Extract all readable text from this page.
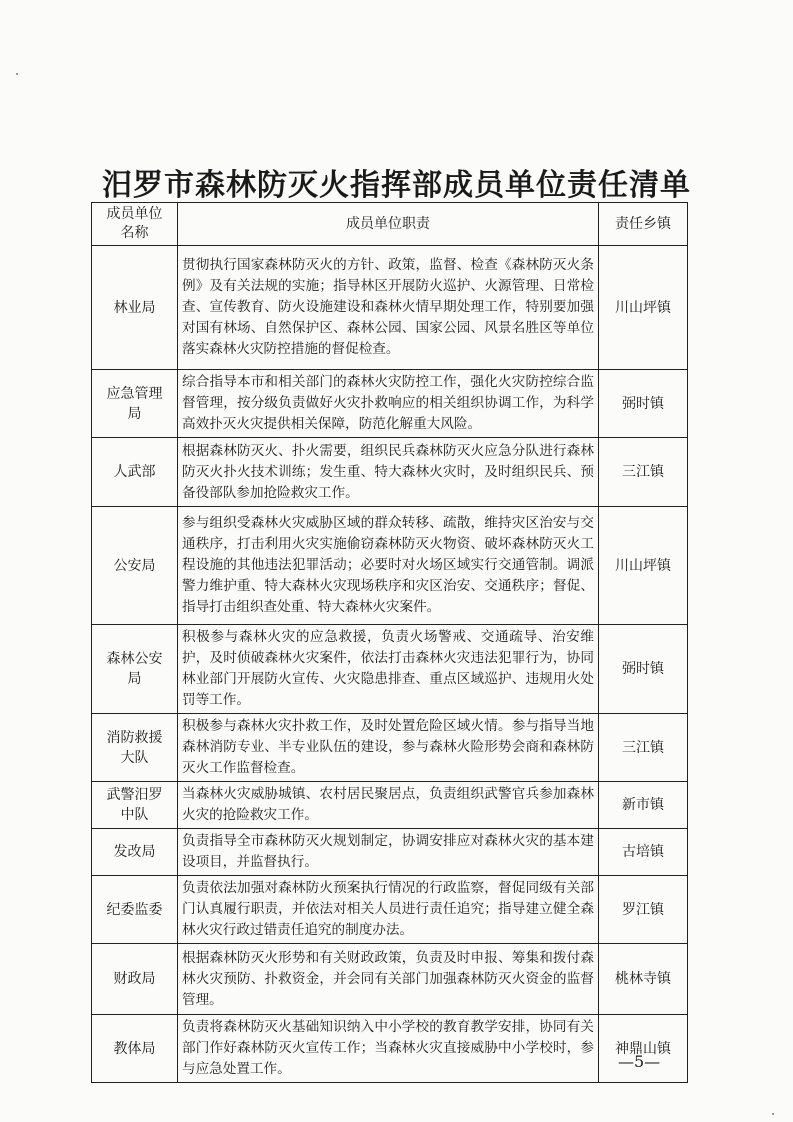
汨罗市森林防灭火指挥部成员单位责任清单
成员单位名称	成员单位职责	责任乡镇
林业局	贯彻执行国家森林防灭火的方针、政策，监督、检查《森林防灭火条例》及有关法规的实施；指导林区开展防火巡护、火源管理、日常检查、宣传教育、防火设施建设和森林火情早期处理工作，特别要加强对国有林场、自然保护区、森林公园、国家公园、风景名胜区等单位落实森林火灾防控措施的督促检查。	川山坪镇
应急管理局	综合指导本市和相关部门的森林火灾防控工作，强化火灾防控综合监督管理，按分级负责做好火灾扑救响应的相关组织协调工作，为科学高效扑灭火灾提供相关保障，防范化解重大风险。	弼时镇
人武部	根据森林防灭火、扑火需要，组织民兵森林防灭火应急分队进行森林防灭火扑火技术训练；发生重、特大森林火灾时，及时组织民兵、预备役部队参加抢险救灾工作。	三江镇
公安局	参与组织受森林火灾威胁区域的群众转移、疏散，维持灾区治安与交通秩序，打击利用火灾实施偷窃森林防灭火物资、破坏森林防灭火工程设施的其他违法犯罪活动；必要时对火场区域实行交通管制。调派警力维护重、特大森林火灾现场秩序和灾区治安、交通秩序；督促、指导打击组织查处重、特大森林火灾案件。	川山坪镇
森林公安局	积极参与森林火灾的应急救援，负责火场警戒、交通疏导、治安维护，及时侦破森林火灾案件，依法打击森林火灾违法犯罪行为，协同林业部门开展防火宣传、火灾隐患排查、重点区域巡护、违规用火处罚等工作。	弼时镇
消防救援大队	积极参与森林火灾扑救工作，及时处置危险区域火情。参与指导当地森林消防专业、半专业队伍的建设，参与森林火险形势会商和森林防灭火工作监督检查。	三江镇
武警汨罗中队	当森林火灾威胁城镇、农村居民聚居点，负责组织武警官兵参加森林火灾的抢险救灾工作。	新市镇
发改局	负责指导全市森林防灭火规划制定，协调安排应对森林火灾的基本建设项目，并监督执行。	古培镇
纪委监委	负责依法加强对森林防火预案执行情况的行政监察，督促同级有关部门认真履行职责，并依法对相关人员进行责任追究；指导建立健全森林火灾行政过错责任追究的制度办法。	罗江镇
财政局	根据森林防灭火形势和有关财政政策，负责及时申报、筹集和拨付森林火灾预防、扑救资金，并会同有关部门加强森林防灭火资金的监督管理。	桃林寺镇
教体局	负责将森林防灭火基础知识纳入中小学校的教育教学安排，协同有关部门作好森林防灭火宣传工作；当森林火灾直接威胁中小学校时，参与应急处置工作。	神鼎山镇
—5—
